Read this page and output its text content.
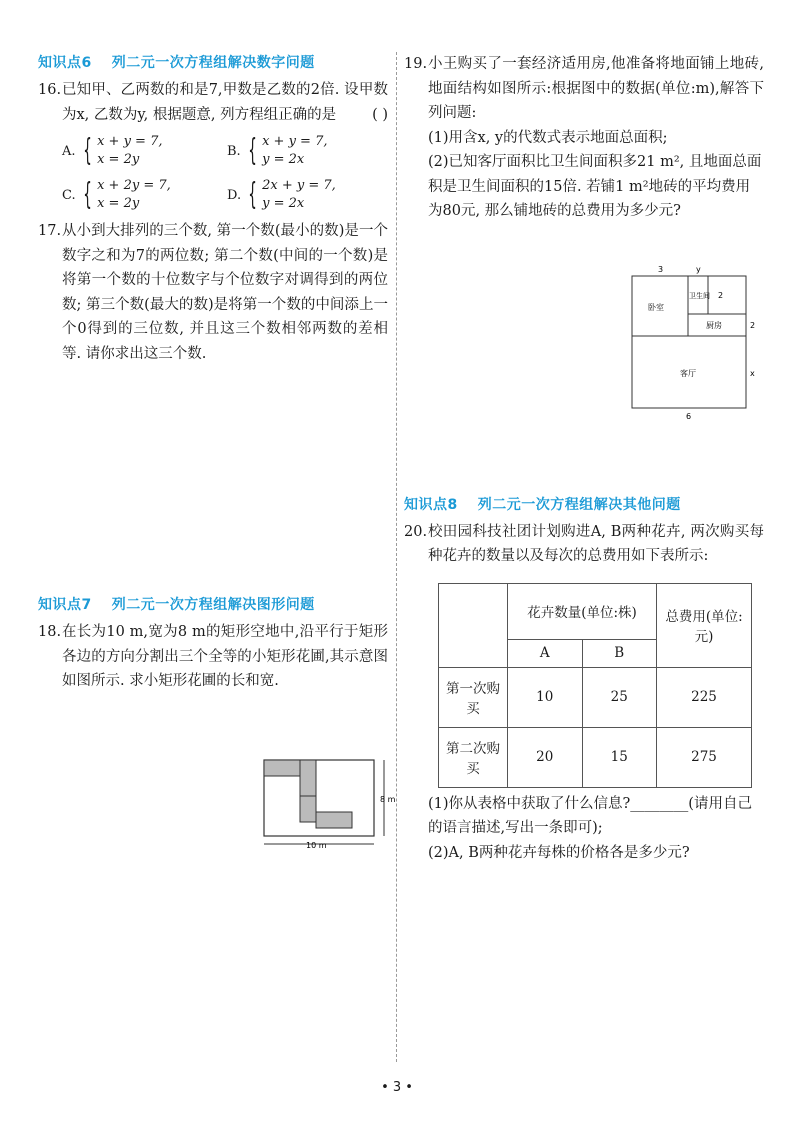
知识点6 列二元一次方程组解决数字问题
16. 已知甲、乙两数的和是7,甲数是乙数的2倍. 设甲数为x, 乙数为y, 根据题意, 列方程组正确的是	( )
A. { x + y = 7,
x = 2y
B. { x + y = 7,
y = 2x
C. { x + 2y = 7,
x = 2y
D. { 2x + y = 7,
y = 2x
17. 从小到大排列的三个数, 第一个数(最小的数)是一个数字之和为7的两位数; 第二个数(中间的一个数)是将第一个数的十位数字与个位数字对调得到的两位数; 第三个数(最大的数)是将第一个数的中间添上一个0得到的三位数, 并且这三个数相邻两数的差相等. 请你求出这三个数.
知识点7 列二元一次方程组解决图形问题
18. 在长为10 m,宽为8 m的矩形空地中,沿平行于矩形各边的方向分割出三个全等的小矩形花圃,其示意图如图所示. 求小矩形花圃的长和宽.
10 m
8 m
19. 小王购买了一套经济适用房,他准备将地面铺上地砖,地面结构如图所示:根据图中的数据(单位:m),解答下列问题:
(1)用含x, y的代数式表示地面总面积;
(2)已知客厅面积比卫生间面积多21 m², 且地面总面积是卫生间面积的15倍. 若铺1 m²地砖的平均费用为80元, 那么铺地砖的总费用为多少元?
卧室
卫生间
厨房
客厅
3	y
2
2
x
6
知识点8 列二元一次方程组解决其他问题
20. 校田园科技社团计划购进A, B两种花卉, 两次购买每种花卉的数量以及每次的总费用如下表所示:
	花卉数量(单位:株)		总费用(单位:元)
	A	B	
第一次购买	10	25	225
第二次购买	20	15	275
(1)你从表格中获取了什么信息?________(请用自己的语言描述,写出一条即可);
(2)A, B两种花卉每株的价格各是多少元?
• 3 •
